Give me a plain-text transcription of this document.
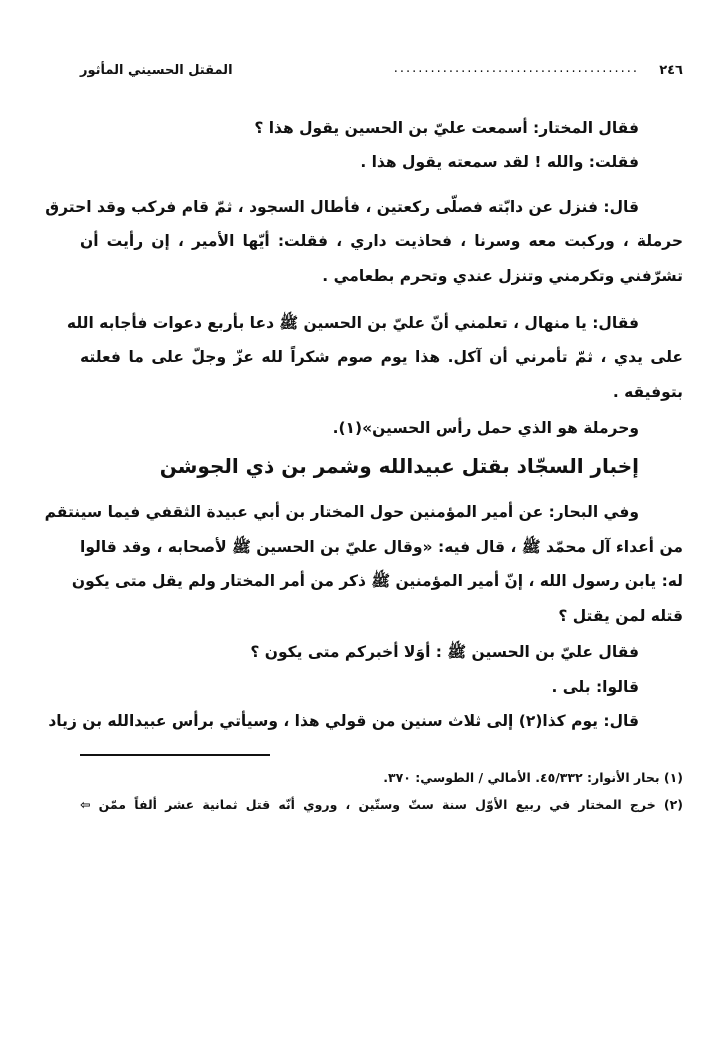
٢٤٦
........................................
المقتل الحسيني المأثور
فقال المختار: أسمعت عليّ بن الحسين يقول هذا ؟
فقلت: والله ! لقد سمعته يقول هذا .
قال: فنزل عن دابّته فصلّى ركعتين ، فأطال السجود ، ثمّ قام فركب وقد احترق
حرملة ، وركبت معه وسرنا ، فحاذيت داري ، فقلت: أيّها الأمير ، إن رأيت أن
تشرّفني وتكرمني وتنزل عندي وتحرم بطعامي .
فقال: يا منهال ، تعلمني أنّ عليّ بن الحسين ﷺ دعا بأربع دعوات فأجابه الله
على يدي ، ثمّ تأمرني أن آكل. هذا يوم صوم شكراً لله عزّ وجلّ على ما فعلته
بتوفيقه .
وحرملة هو الذي حمل رأس الحسين»(١).
إخبار السجّاد بقتل عبيدالله وشمر بن ذي الجوشن
وفي البحار: عن أمير المؤمنين حول المختار بن أبي عبيدة الثقفي فيما سينتقم
من أعداء آل محمّد ﷺ ، قال فيه: «وقال عليّ بن الحسين ﷺ لأصحابه ، وقد قالوا
له: يابن رسول الله ، إنّ أمير المؤمنين ﷺ ذكر من أمر المختار ولم يقل متى يكون
قتله لمن يقتل ؟
فقال عليّ بن الحسين ﷺ : أوَلا أخبركم متى يكون ؟
قالوا: بلى .
قال: يوم كذا(٢) إلى ثلاث سنين من قولي هذا ، وسيأتي برأس عبيدالله بن زياد
(١) بحار الأنوار: ٤٥/٣٣٢. الأمالي / الطوسي: ٣٧٠.
(٢) خرج المختار في ربيع الأوّل سنة ستّ وستّين ، وروي أنّه قتل ثمانية عشر ألفاً ممّن ⇦
